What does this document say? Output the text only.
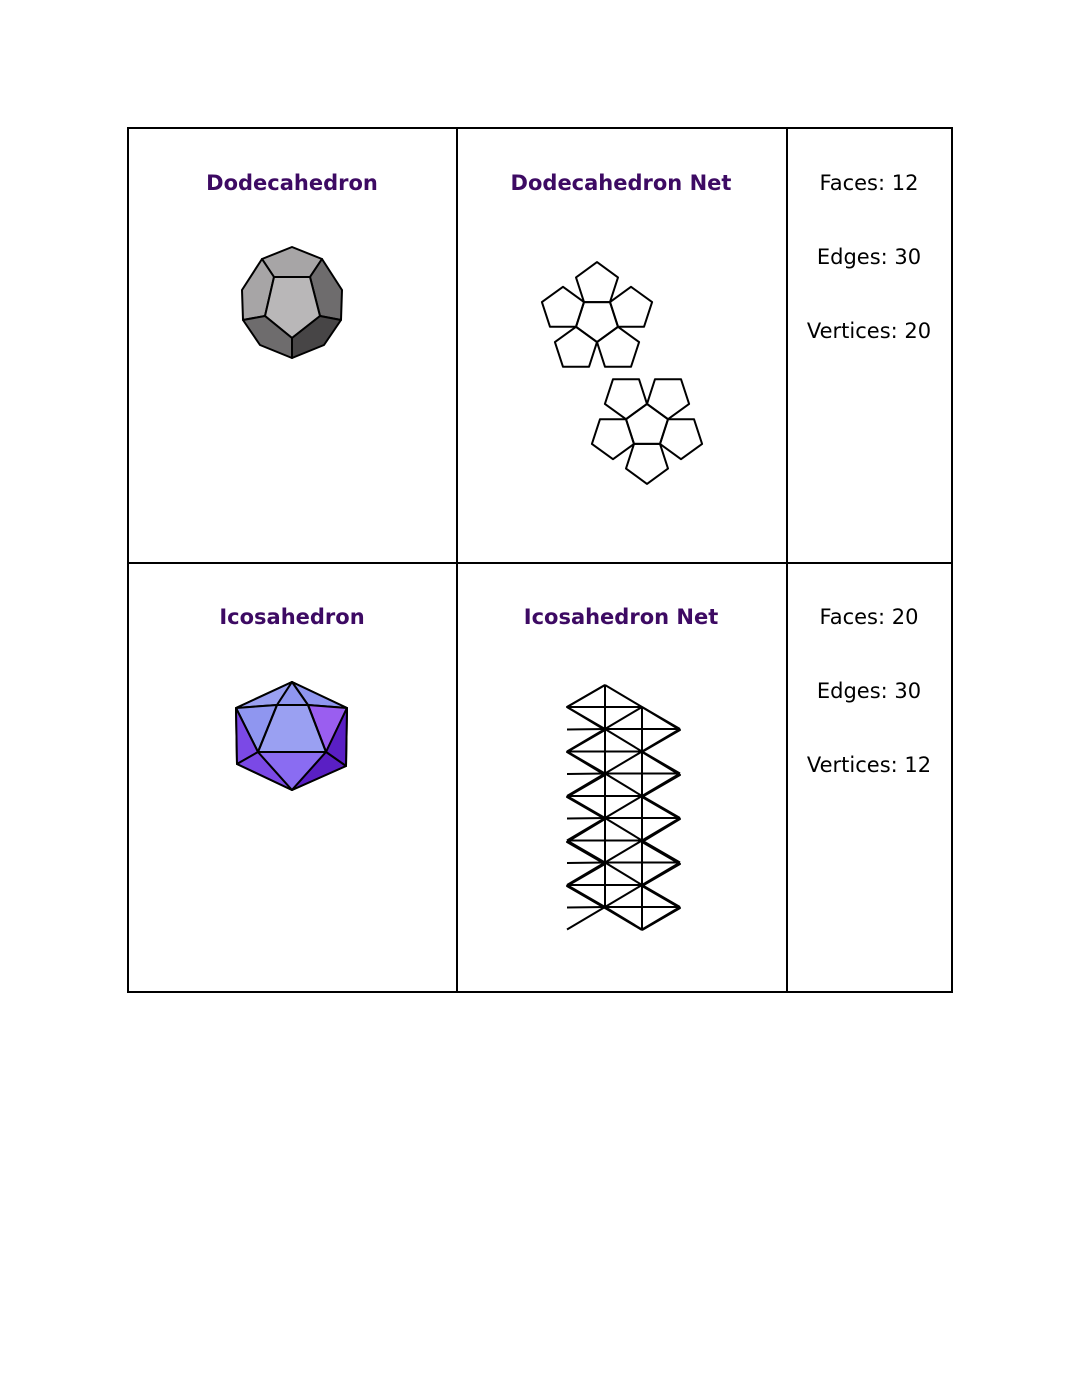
Dodecahedron	Dodecahedron Net	Faces: 12
Edges: 30
Vertices: 20
Icosahedron	Icosahedron Net	Faces: 20
Edges: 30
Vertices: 12
